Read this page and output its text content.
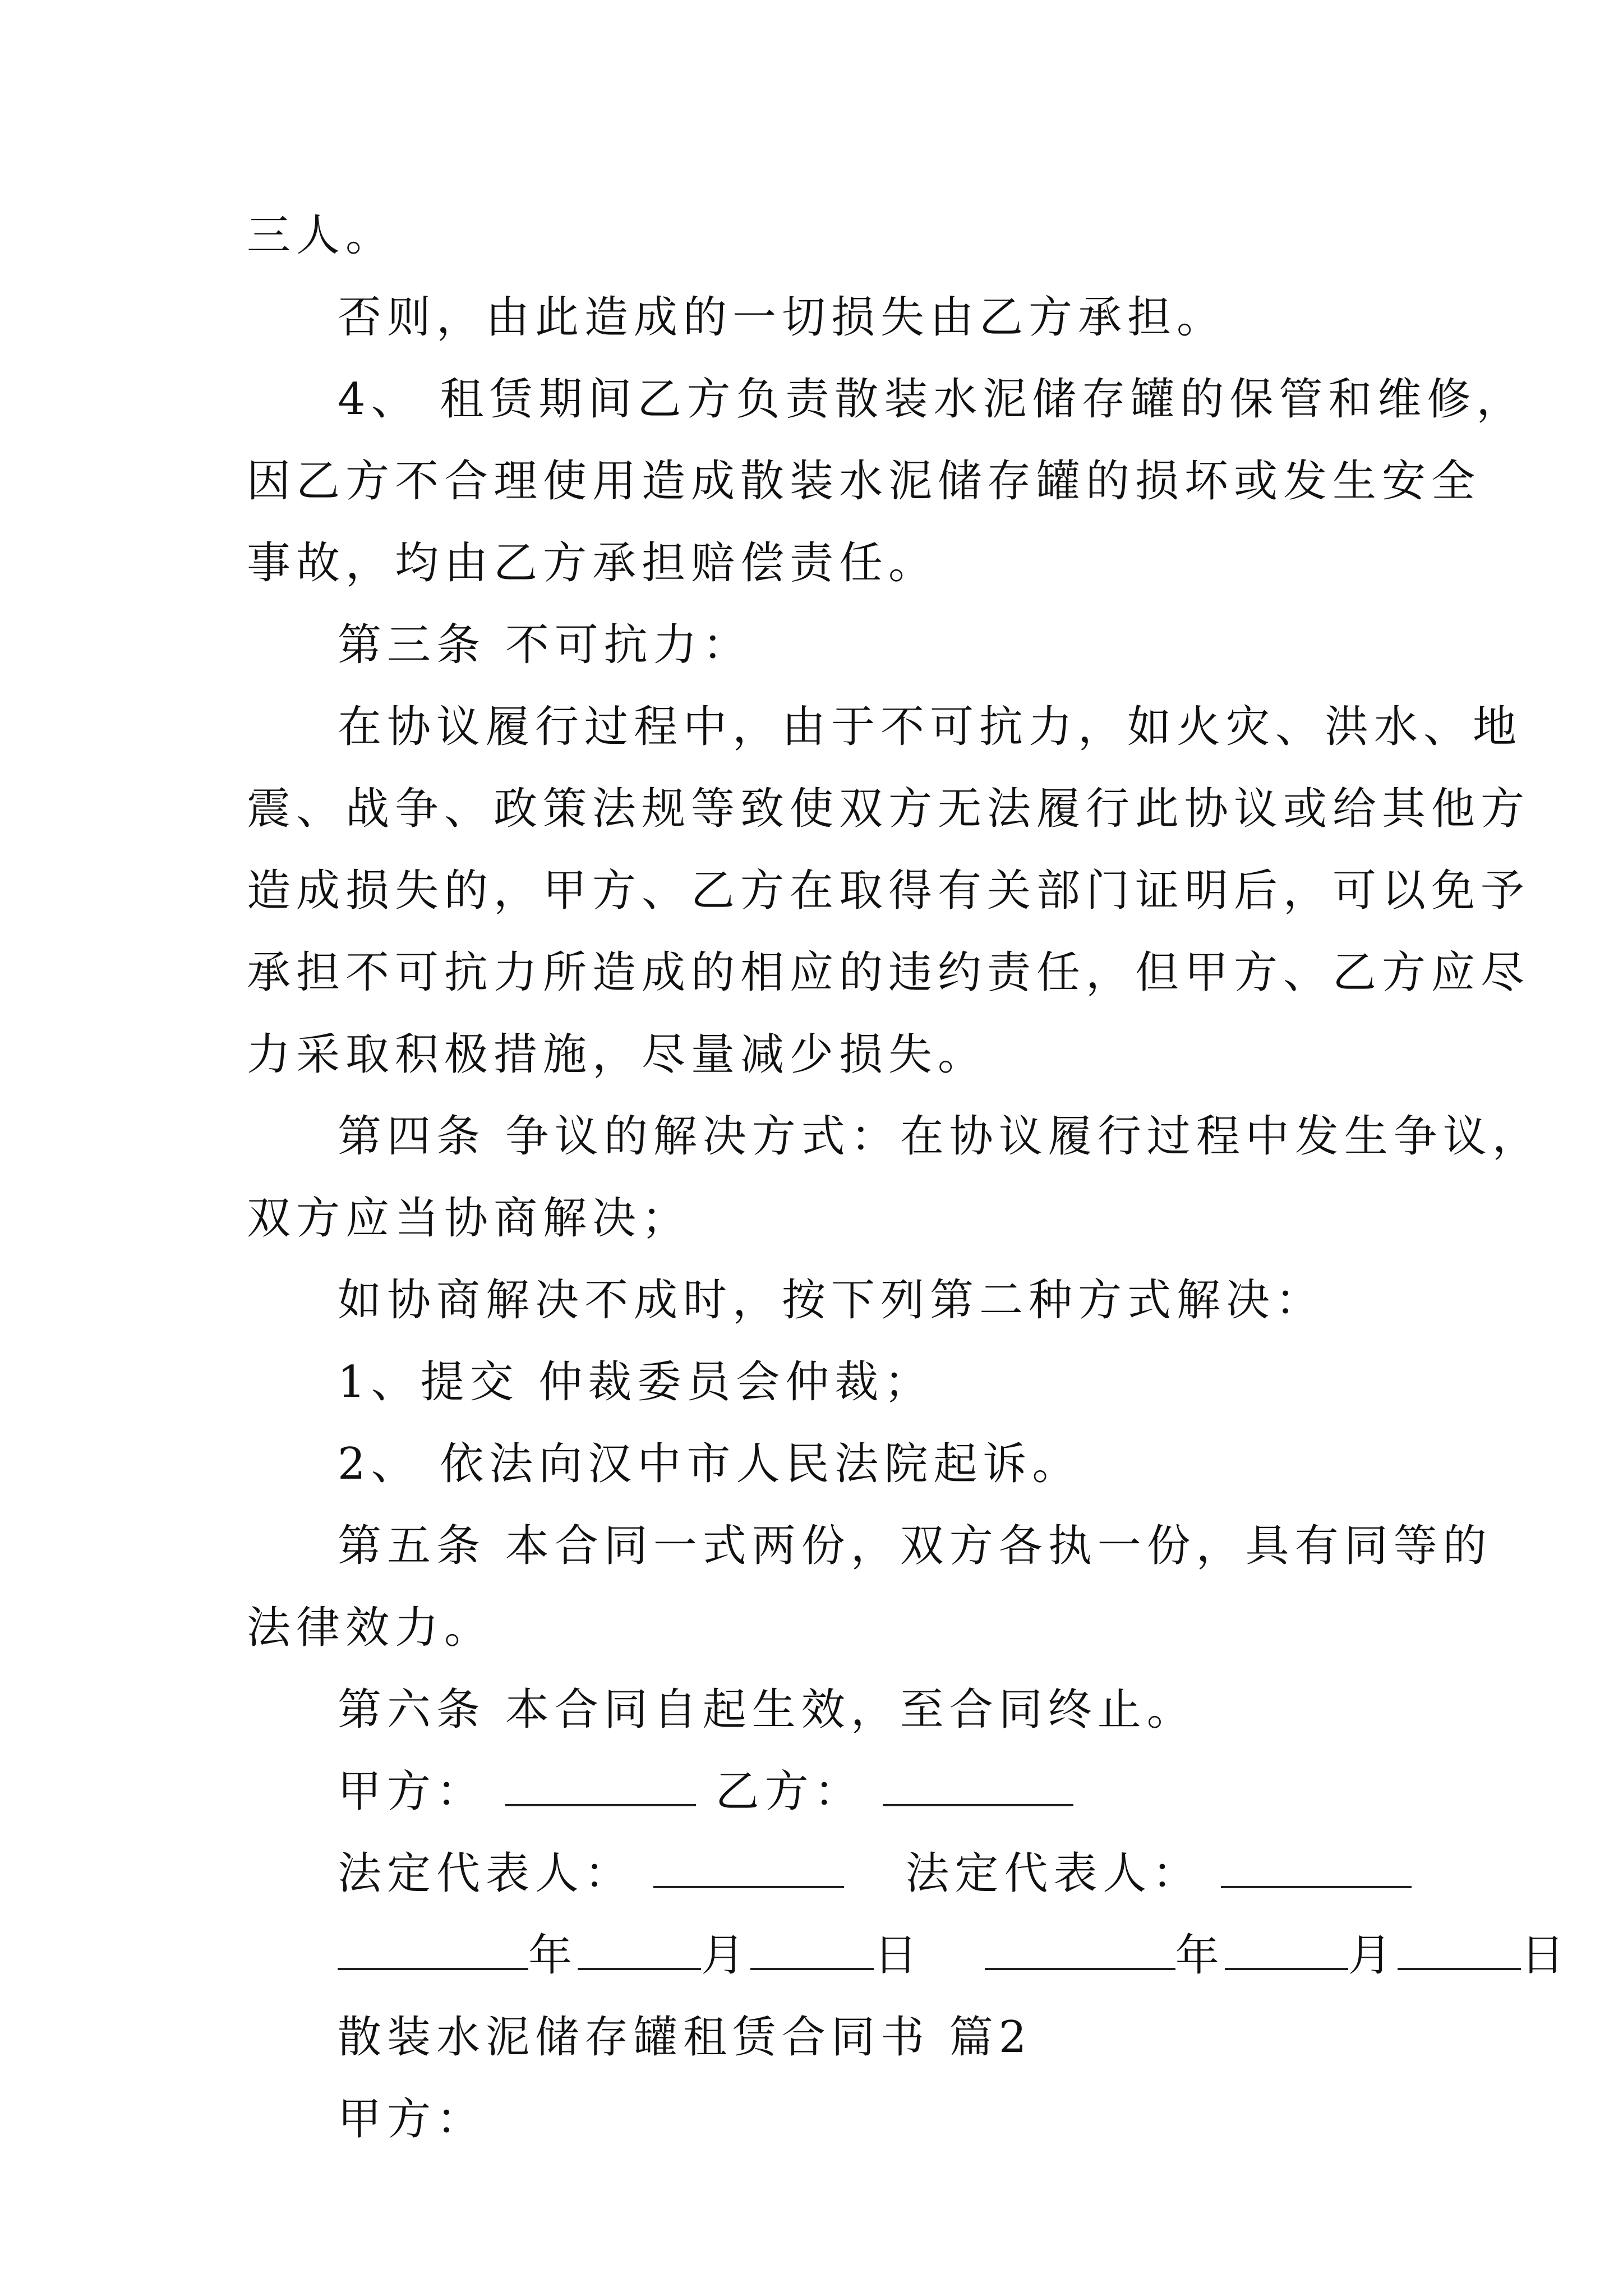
三人。
否则，由此造成的一切损失由乙方承担。
4、 租赁期间乙方负责散装水泥储存罐的保管和维修，
因乙方不合理使用造成散装水泥储存罐的损坏或发生安全
事故，均由乙方承担赔偿责任。
第三条 不可抗力：
在协议履行过程中，由于不可抗力，如火灾、洪水、地
震、战争、政策法规等致使双方无法履行此协议或给其他方
造成损失的，甲方、乙方在取得有关部门证明后，可以免予
承担不可抗力所造成的相应的违约责任，但甲方、乙方应尽
力采取积极措施，尽量减少损失。
第四条 争议的解决方式：在协议履行过程中发生争议，
双方应当协商解决；
如协商解决不成时，按下列第二种方式解决：
1、提交 仲裁委员会仲裁；
2、 依法向汉中市人民法院起诉。
第五条 本合同一式两份，双方各执一份，具有同等的
法律效力。
第六条 本合同自起生效，至合同终止。
甲方：	乙方：
法定代表人：	法定代表人：
年	月	日	年	月	日
散装水泥储存罐租赁合同书 篇2
甲方：
